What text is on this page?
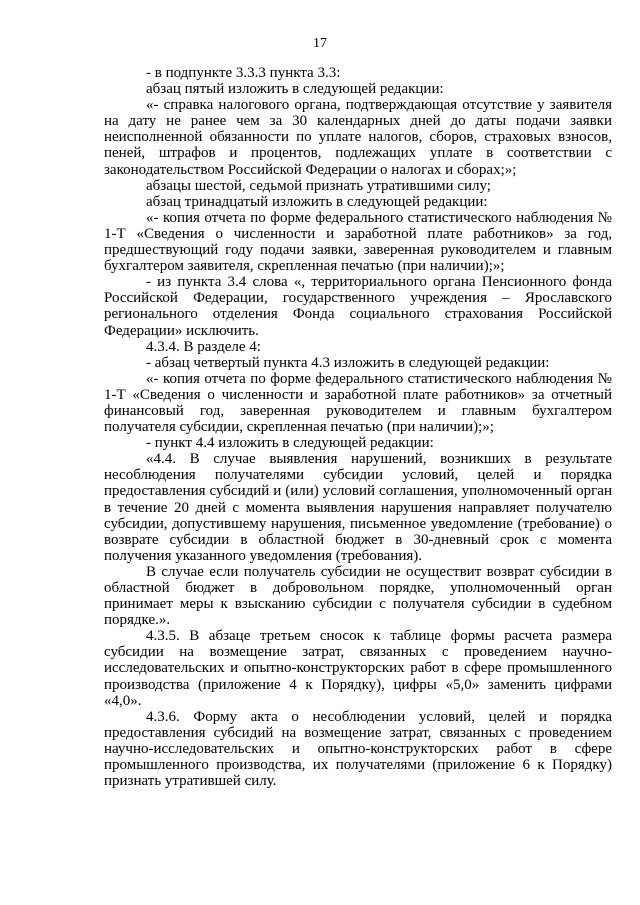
17

- в подпункте 3.3.3 пункта 3.3:

абзац пятый изложить в следующей редакции:

«- справка налогового органа, подтверждающая отсутствие у заявителя на дату не ранее чем за 30 календарных дней до даты подачи заявки неисполненной обязанности по уплате налогов, сборов, страховых взносов, пеней, штрафов и процентов, подлежащих уплате в соответствии с законодательством Российской Федерации о налогах и сборах;»;

абзацы шестой, седьмой признать утратившими силу;

абзац тринадцатый изложить в следующей редакции:

«- копия отчета по форме федерального статистического наблюдения № 1-Т «Сведения о численности и заработной плате работников» за год, предшествующий году подачи заявки, заверенная руководителем и главным бухгалтером заявителя, скрепленная печатью (при наличии);»;

- из пункта 3.4 слова «, территориального органа Пенсионного фонда Российской Федерации, государственного учреждения – Ярославского регионального отделения Фонда социального страхования Российской Федерации» исключить.

4.3.4. В разделе 4:

- абзац четвертый пункта 4.3 изложить в следующей редакции:

«- копия отчета по форме федерального статистического наблюдения № 1-Т «Сведения о численности и заработной плате работников» за отчетный финансовый год, заверенная руководителем и главным бухгалтером получателя субсидии, скрепленная печатью (при наличии);»;

- пункт 4.4 изложить в следующей редакции:

«4.4. В случае выявления нарушений, возникших в результате несоблюдения получателями субсидии условий, целей и порядка предоставления субсидий и (или) условий соглашения, уполномоченный орган в течение 20 дней с момента выявления нарушения направляет получателю субсидии, допустившему нарушения, письменное уведомление (требование) о возврате субсидии в областной бюджет в 30-дневный срок с момента получения указанного уведомления (требования).

В случае если получатель субсидии не осуществит возврат субсидии в областной бюджет в добровольном порядке, уполномоченный орган принимает меры к взысканию субсидии с получателя субсидии в судебном порядке.».

4.3.5. В абзаце третьем сносок к таблице формы расчета размера субсидии на возмещение затрат, связанных с проведением научно-исследовательских и опытно-конструкторских работ в сфере промышленного производства (приложение 4 к Порядку), цифры «5,0» заменить цифрами «4,0».

4.3.6. Форму акта о несоблюдении условий, целей и порядка предоставления субсидий на возмещение затрат, связанных с проведением научно-исследовательских и опытно-конструкторских работ в сфере промышленного производства, их получателями (приложение 6 к Порядку) признать утратившей силу.
